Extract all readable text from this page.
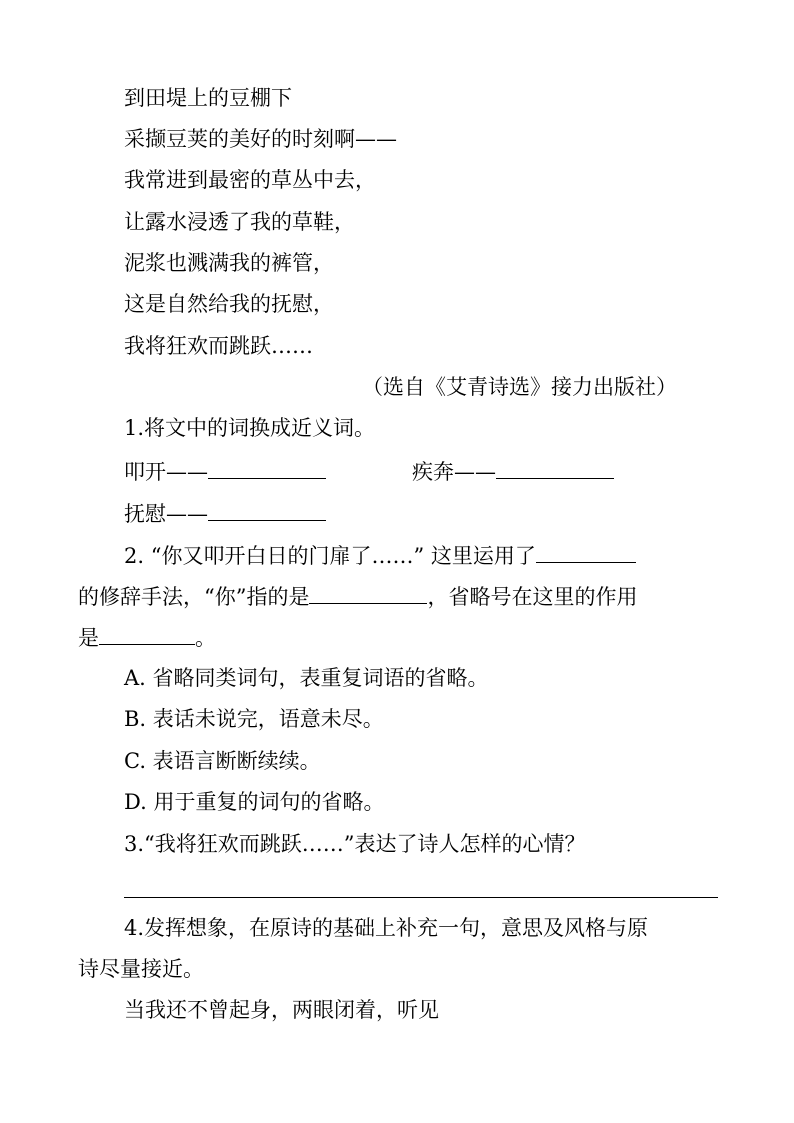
到田堤上的豆棚下
采撷豆荚的美好的时刻啊——
我常进到最密的草丛中去，
让露水浸透了我的草鞋，
泥浆也溅满我的裤管，
这是自然给我的抚慰，
我将狂欢而跳跃……
（选自《艾青诗选》接力出版社）
1.将文中的词换成近义词。
叩开——	疾奔——
抚慰——
2. “你又叩开白日的门扉了……” 这里运用了
的修辞手法，“你”指的是	，省略号在这里的作用
是	。
A. 省略同类词句，表重复词语的省略。
B. 表话未说完，语意未尽。
C. 表语言断断续续。
D. 用于重复的词句的省略。
3.“我将狂欢而跳跃……”表达了诗人怎样的心情？
4.发挥想象，在原诗的基础上补充一句，意思及风格与原
诗尽量接近。
当我还不曾起身，两眼闭着，听见
